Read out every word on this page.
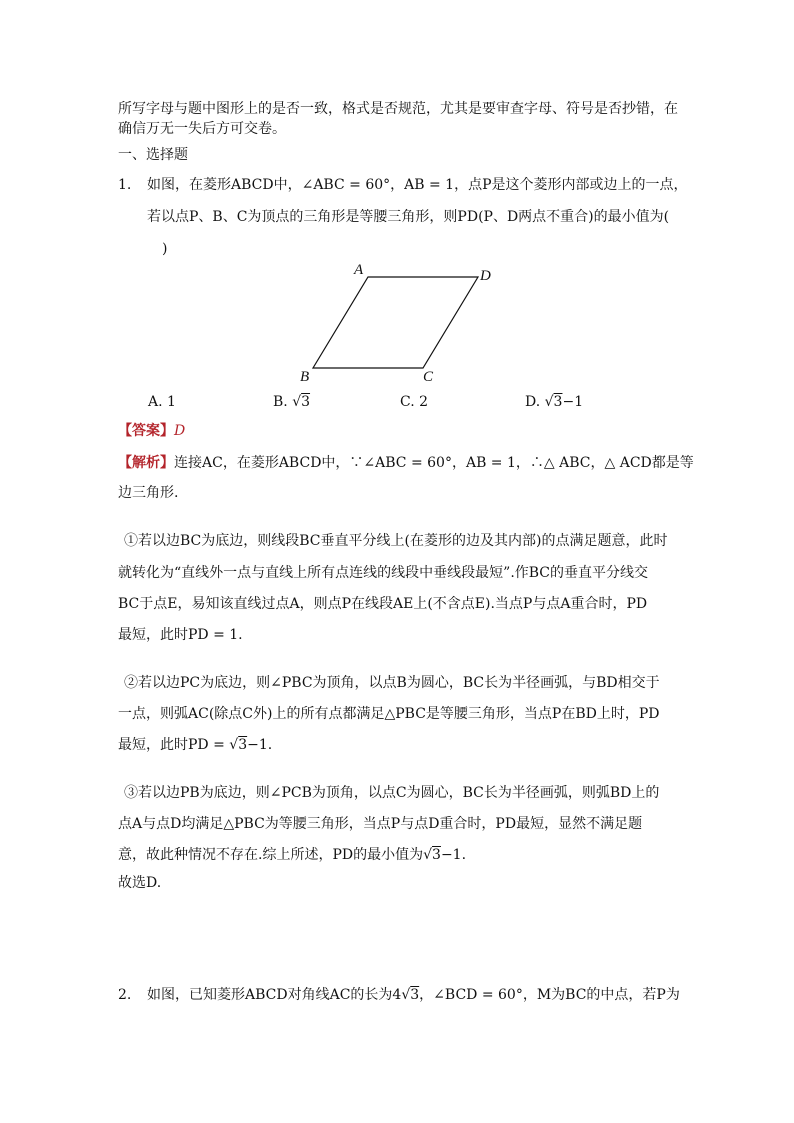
所写字母与题中图形上的是否一致，格式是否规范，尤其是要审查字母、符号是否抄错，在
确信万无一失后方可交卷。
一、选择题
1. 如图，在菱形ABCD中，∠ABC = 60°，AB = 1，点P是这个菱形内部或边上的一点，
若以点P、B、C为顶点的三角形是等腰三角形，则PD(P、D两点不重合)的最小值为(
)
A	D
B	C
A. 1	B. √3	C. 2	D. √3−1
【答案】D
【解析】连接AC，在菱形ABCD中，∵∠ABC = 60°，AB = 1，∴△ ABC，△ ACD都是等
边三角形.
①若以边BC为底边，则线段BC垂直平分线上(在菱形的边及其内部)的点满足题意，此时
就转化为“直线外一点与直线上所有点连线的线段中垂线段最短”.作BC的垂直平分线交
BC于点E，易知该直线过点A，则点P在线段AE上(不含点E).当点P与点A重合时，PD
最短，此时PD = 1.
②若以边PC为底边，则∠PBC为顶角，以点B为圆心，BC长为半径画弧，与BD相交于
一点，则弧AC(除点C外)上的所有点都满足△PBC是等腰三角形，当点P在BD上时，PD
最短，此时PD = √3−1.
③若以边PB为底边，则∠PCB为顶角，以点C为圆心，BC长为半径画弧，则弧BD上的
点A与点D均满足△PBC为等腰三角形，当点P与点D重合时，PD最短，显然不满足题
意，故此种情况不存在.综上所述，PD的最小值为√3−1.
故选D.
2. 如图，已知菱形ABCD对角线AC的长为4√3，∠BCD = 60°，M为BC的中点，若P为
